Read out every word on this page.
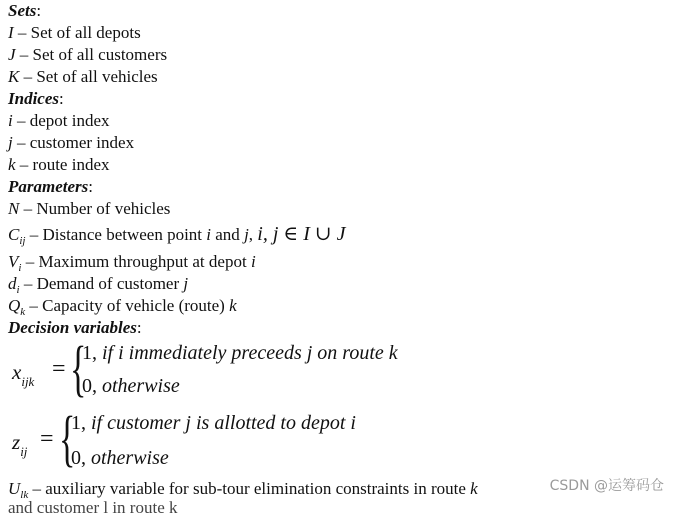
Sets:
I – Set of all depots
J – Set of all customers
K – Set of all vehicles
Indices:
i – depot index
j – customer index
k – route index
Parameters:
N – Number of vehicles
$C_{ij}$ – Distance between point i and j, i, j ∈ I ∪ J
$V_i$ – Maximum throughput at depot i
$d_i$ – Demand of customer j
$Q_k$ – Capacity of vehicle (route) k
Decision variables:
$x_{ijk}$ = {
1, if i immediately preceeds j on route k
0, otherwise
$z_{ij}$ = {
1, if customer j is allotted to depot i
0, otherwise
$U_{lk}$ – auxiliary variable for sub-tour elimination constraints in route k
and customer l in route k
CSDN @运筹码仓
